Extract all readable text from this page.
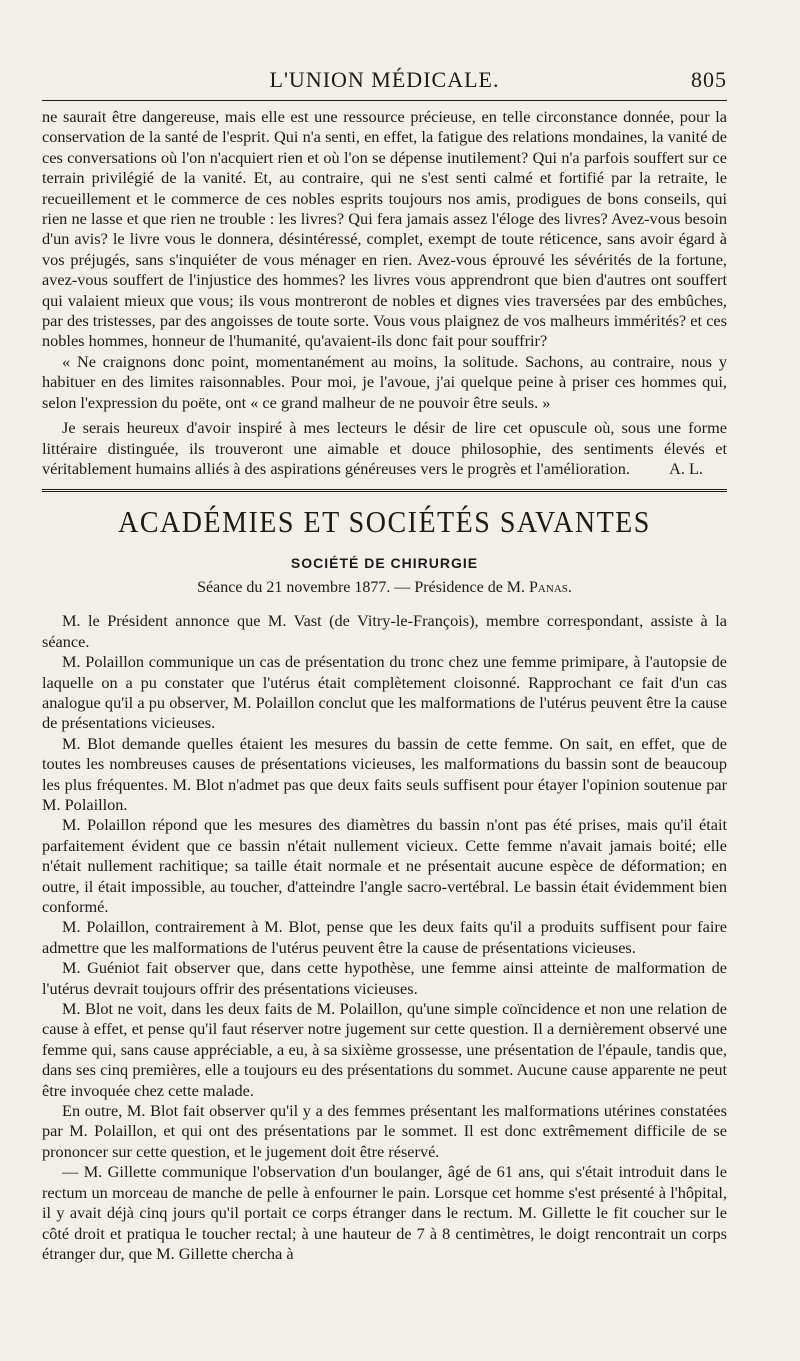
L'UNION MÉDICALE.	805

ne saurait être dangereuse, mais elle est une ressource précieuse, en telle circonstance donnée, pour la conservation de la santé de l'esprit. Qui n'a senti, en effet, la fatigue des relations mondaines, la vanité de ces conversations où l'on n'acquiert rien et où l'on se dépense inutilement? Qui n'a parfois souffert sur ce terrain privilégié de la vanité. Et, au contraire, qui ne s'est senti calmé et fortifié par la retraite, le recueillement et le commerce de ces nobles esprits toujours nos amis, prodigues de bons conseils, qui rien ne lasse et que rien ne trouble : les livres? Qui fera jamais assez l'éloge des livres? Avez-vous besoin d'un avis? le livre vous le donnera, désintéressé, complet, exempt de toute réticence, sans avoir égard à vos préjugés, sans s'inquiéter de vous ménager en rien. Avez-vous éprouvé les sévérités de la fortune, avez-vous souffert de l'injustice des hommes? les livres vous apprendront que bien d'autres ont souffert qui valaient mieux que vous; ils vous montreront de nobles et dignes vies traversées par des embûches, par des tristesses, par des angoisses de toute sorte. Vous vous plaignez de vos malheurs immérités? et ces nobles hommes, honneur de l'humanité, qu'avaient-ils donc fait pour souffrir?

« Ne craignons donc point, momentanément au moins, la solitude. Sachons, au contraire, nous y habituer en des limites raisonnables. Pour moi, je l'avoue, j'ai quelque peine à priser ces hommes qui, selon l'expression du poëte, ont « ce grand malheur de ne pouvoir être seuls. »

Je serais heureux d'avoir inspiré à mes lecteurs le désir de lire cet opuscule où, sous une forme littéraire distinguée, ils trouveront une aimable et douce philosophie, des sentiments élevés et véritablement humains alliés à des aspirations généreuses vers le progrès et l'amélioration.	A. L.

ACADÉMIES ET SOCIÉTÉS SAVANTES
SOCIÉTÉ DE CHIRURGIE
Séance du 21 novembre 1877. — Présidence de M. Panas.

M. le Président annonce que M. Vast (de Vitry-le-François), membre correspondant, assiste à la séance.

M. Polaillon communique un cas de présentation du tronc chez une femme primipare, à l'autopsie de laquelle on a pu constater que l'utérus était complètement cloisonné. Rapprochant ce fait d'un cas analogue qu'il a pu observer, M. Polaillon conclut que les malformations de l'utérus peuvent être la cause de présentations vicieuses.

M. Blot demande quelles étaient les mesures du bassin de cette femme. On sait, en effet, que de toutes les nombreuses causes de présentations vicieuses, les malformations du bassin sont de beaucoup les plus fréquentes. M. Blot n'admet pas que deux faits seuls suffisent pour étayer l'opinion soutenue par M. Polaillon.

M. Polaillon répond que les mesures des diamètres du bassin n'ont pas été prises, mais qu'il était parfaitement évident que ce bassin n'était nullement vicieux. Cette femme n'avait jamais boité; elle n'était nullement rachitique; sa taille était normale et ne présentait aucune espèce de déformation; en outre, il était impossible, au toucher, d'atteindre l'angle sacro-vertébral. Le bassin était évidemment bien conformé.

M. Polaillon, contrairement à M. Blot, pense que les deux faits qu'il a produits suffisent pour faire admettre que les malformations de l'utérus peuvent être la cause de présentations vicieuses.

M. Guéniot fait observer que, dans cette hypothèse, une femme ainsi atteinte de malformation de l'utérus devrait toujours offrir des présentations vicieuses.

M. Blot ne voit, dans les deux faits de M. Polaillon, qu'une simple coïncidence et non une relation de cause à effet, et pense qu'il faut réserver notre jugement sur cette question. Il a dernièrement observé une femme qui, sans cause appréciable, a eu, à sa sixième grossesse, une présentation de l'épaule, tandis que, dans ses cinq premières, elle a toujours eu des présentations du sommet. Aucune cause apparente ne peut être invoquée chez cette malade.

En outre, M. Blot fait observer qu'il y a des femmes présentant les malformations utérines constatées par M. Polaillon, et qui ont des présentations par le sommet. Il est donc extrêmement difficile de se prononcer sur cette question, et le jugement doit être réservé.

— M. Gillette communique l'observation d'un boulanger, âgé de 61 ans, qui s'était introduit dans le rectum un morceau de manche de pelle à enfourner le pain. Lorsque cet homme s'est présenté à l'hôpital, il y avait déjà cinq jours qu'il portait ce corps étranger dans le rectum. M. Gillette le fit coucher sur le côté droit et pratiqua le toucher rectal; à une hauteur de 7 à 8 centimètres, le doigt rencontrait un corps étranger dur, que M. Gillette chercha à
